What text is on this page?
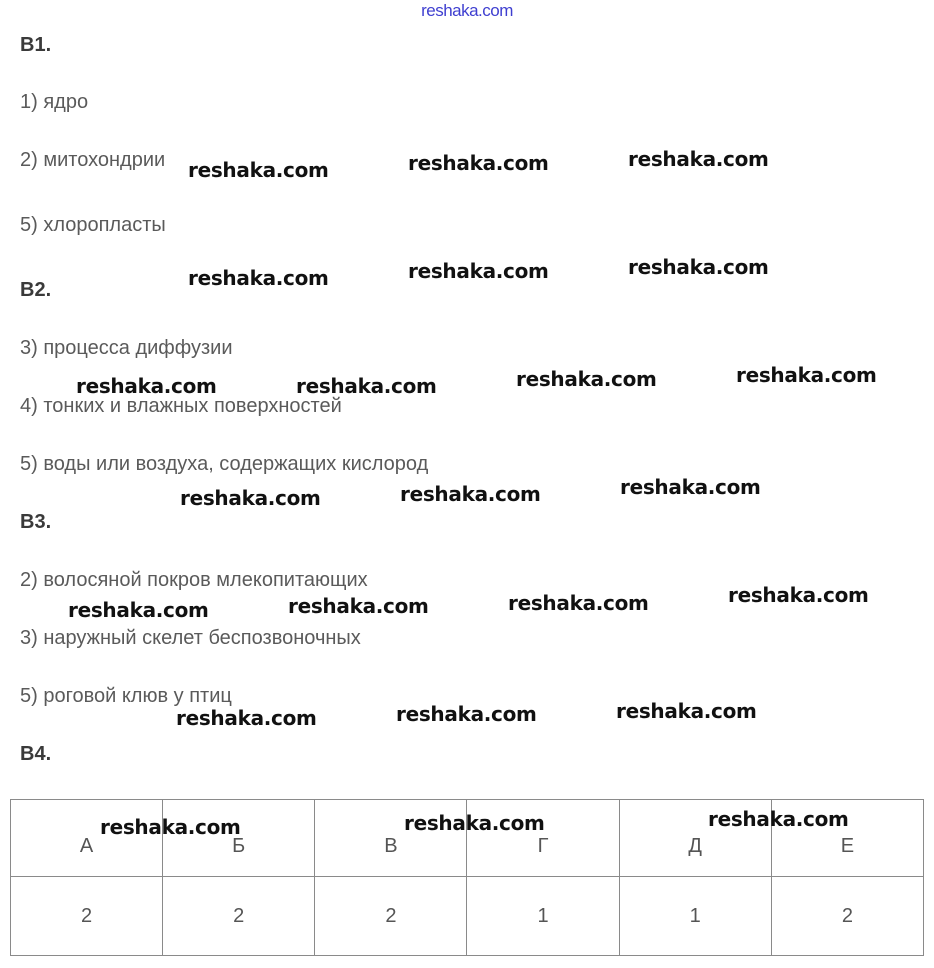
reshaka.com
В1.
1) ядро
2) митохондрии
5) хлоропласты
В2.
3) процесса диффузии
4) тонких и влажных поверхностей
5) воды или воздуха, содержащих кислород
В3.
2) волосяной покров млекопитающих
3) наружный скелет беспозвоночных
5) роговой клюв у птиц
В4.
А	Б	В	Г	Д	Е
2	2	2	1	1	2
reshaka.com	reshaka.com	reshaka.com
reshaka.com	reshaka.com	reshaka.com
reshaka.com	reshaka.com	reshaka.com	reshaka.com
reshaka.com	reshaka.com	reshaka.com
reshaka.com	reshaka.com	reshaka.com	reshaka.com
reshaka.com	reshaka.com	reshaka.com
reshaka.com	reshaka.com	reshaka.com
